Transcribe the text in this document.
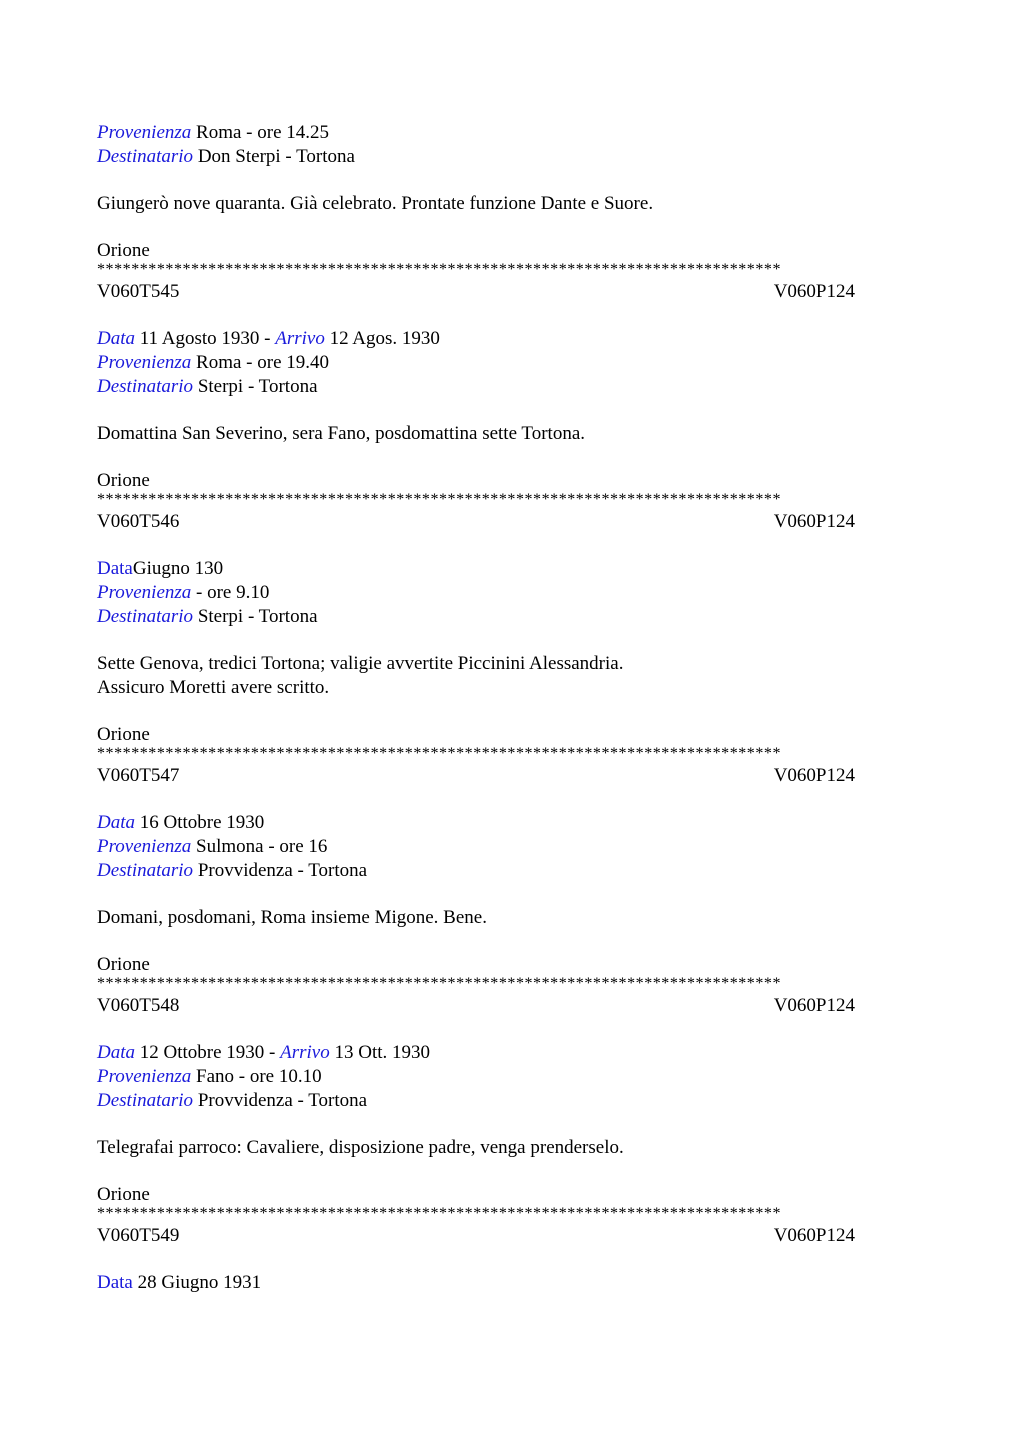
Provenienza Roma - ore 14.25
Destinatario Don Sterpi - Tortona
Giungerò nove quaranta. Già celebrato. Prontate funzione Dante e Suore.
Orione
********************************************************************************
V060T545	V060P124
Data 11 Agosto 1930 - Arrivo 12 Agos. 1930
Provenienza Roma - ore 19.40
Destinatario Sterpi - Tortona
Domattina San Severino, sera Fano, posdomattina sette Tortona.
Orione
********************************************************************************
V060T546	V060P124
DataGiugno 130
Provenienza - ore 9.10
Destinatario Sterpi - Tortona
Sette Genova, tredici Tortona; valigie avvertite Piccinini Alessandria.
Assicuro Moretti avere scritto.
Orione
********************************************************************************
V060T547	V060P124
Data 16 Ottobre 1930
Provenienza Sulmona - ore 16
Destinatario Provvidenza - Tortona
Domani, posdomani, Roma insieme Migone. Bene.
Orione
********************************************************************************
V060T548	V060P124
Data 12 Ottobre 1930 - Arrivo 13 Ott. 1930
Provenienza Fano - ore 10.10
Destinatario Provvidenza - Tortona
Telegrafai parroco: Cavaliere, disposizione padre, venga prenderselo.
Orione
********************************************************************************
V060T549	V060P124
Data 28 Giugno 1931
